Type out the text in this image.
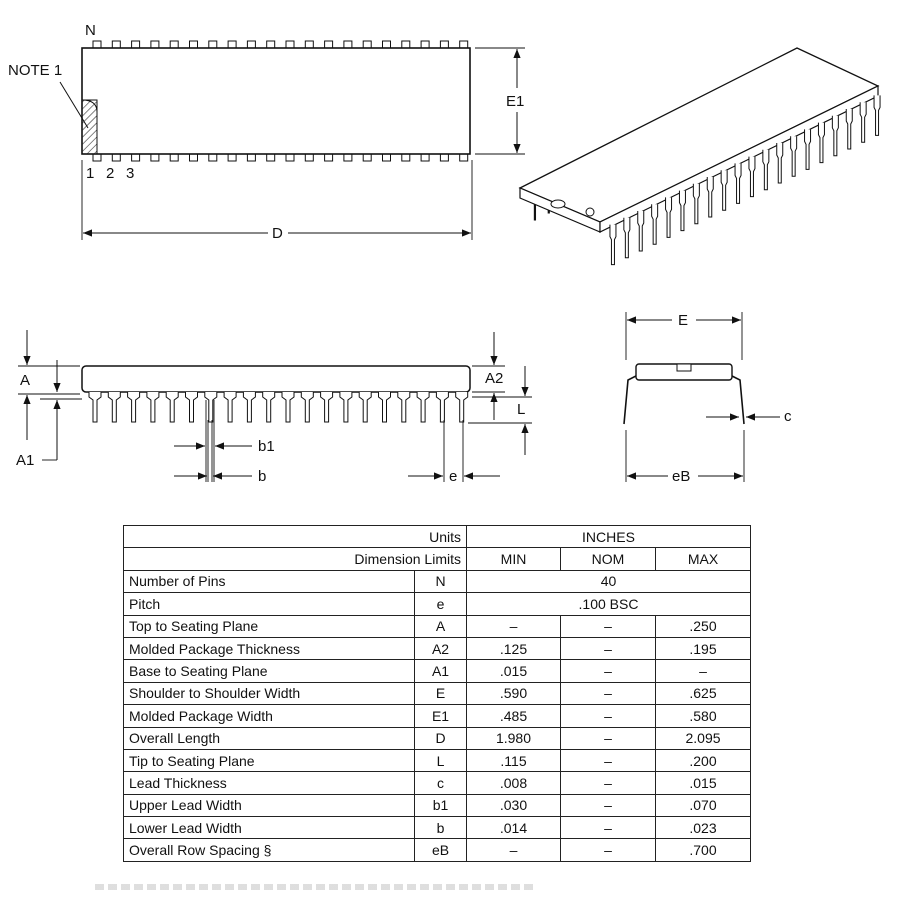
N
NOTE 1
1 2 3
D
E1
A
A1
A2
L
b1
b	e
E
c
eB
Units		INCHES		
Dimension Limits		MIN	NOM	MAX
Number of Pins	N	40		
Pitch	e	.100 BSC		
Top to Seating Plane	A	–	–	.250
Molded Package Thickness	A2	.125	–	.195
Base to Seating Plane	A1	.015	–	–
Shoulder to Shoulder Width	E	.590	–	.625
Molded Package Width	E1	.485	–	.580
Overall Length	D	1.980	–	2.095
Tip to Seating Plane	L	.115	–	.200
Lead Thickness	c	.008	–	.015
Upper Lead Width	b1	.030	–	.070
Lower Lead Width	b	.014	–	.023
Overall Row Spacing §	eB	–	–	.700
